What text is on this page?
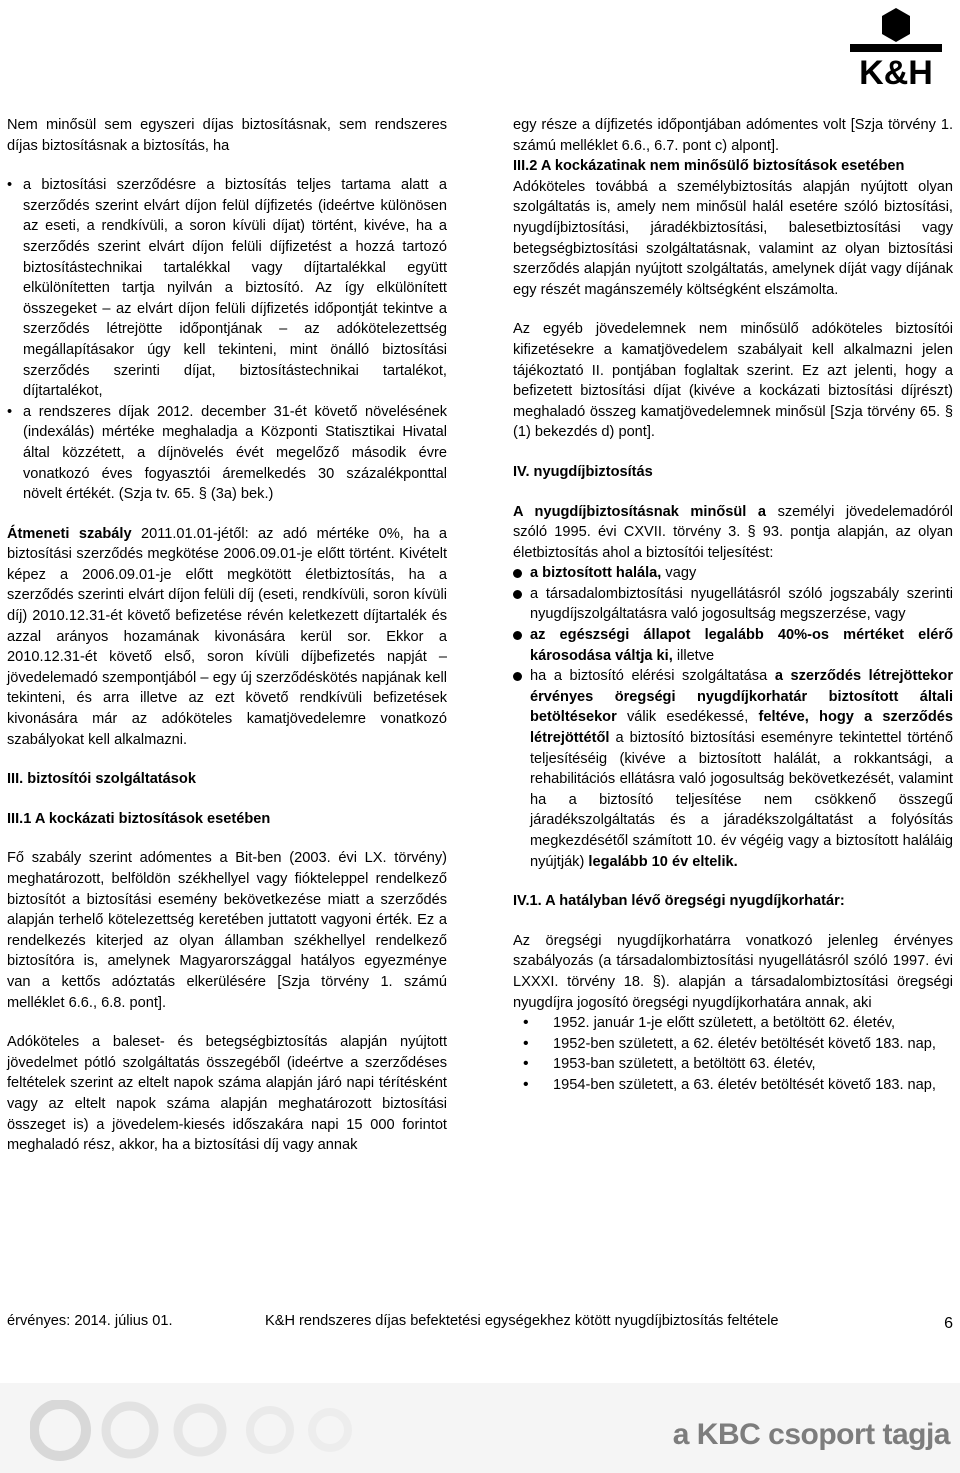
K&H

Nem minősül sem egyszeri díjas biztosításnak, sem rendszeres díjas biztosításnak a biztosítás, ha

• a biztosítási szerződésre a biztosítás teljes tartama alatt a szerződés szerint elvárt díjon felül díjfizetés (ideértve különösen az eseti, a rendkívüli, a soron kívüli díjat) történt, kivéve, ha a szerződés szerint elvárt díjon felüli díjfizetést a hozzá tartozó biztosítástechnikai tartalékkal vagy díjtartalékkal együtt elkülönítetten tartja nyilván a biztosító. Az így elkülönített összegeket – az elvárt díjon felüli díjfizetés időpontját tekintve a szerződés létrejötte időpontjának – az adókötelezettség megállapításakor úgy kell tekinteni, mint önálló biztosítási szerződés szerinti díjat, biztosítástechnikai tartalékot, díjtartalékot,
• a rendszeres díjak 2012. december 31-ét követő növelésének (indexálás) mértéke meghaladja a Központi Statisztikai Hivatal által közzétett, a díjnövelés évét megelőző második évre vonatkozó éves fogyasztói áremelkedés 30 százalékponttal növelt értékét. (Szja tv. 65. § (3a) bek.)

Átmeneti szabály 2011.01.01-jétől: az adó mértéke 0%, ha a biztosítási szerződés megkötése 2006.09.01-je előtt történt. Kivételt képez a 2006.09.01-je előtt megkötött életbiztosítás, ha a szerződés szerinti elvárt díjon felüli díj (eseti, rendkívüli, soron kívüli díj) 2010.12.31-ét követő befizetése révén keletkezett díjtartalék és azzal arányos hozamának kivonására kerül sor. Ekkor a 2010.12.31-ét követő első, soron kívüli díjbefizetés napját – jövedelemadó szempontjából – egy új szerződéskötés napjának kell tekinteni, és arra illetve az ezt követő rendkívüli befizetések kivonására már az adóköteles kamatjövedelemre vonatkozó szabályokat kell alkalmazni.

III. biztosítói szolgáltatások
III.1 A kockázati biztosítások esetében

Fő szabály szerint adómentes a Bit-ben (2003. évi LX. törvény) meghatározott, belföldön székhellyel vagy fiókteleppel rendelkező biztosítót a biztosítási esemény bekövetkezése miatt a szerződés alapján terhelő kötelezettség keretében juttatott vagyoni érték. Ez a rendelkezés kiterjed az olyan államban székhellyel rendelkező biztosítóra is, amelynek Magyarországgal hatályos egyezménye van a kettős adóztatás elkerülésére [Szja törvény 1. számú melléklet 6.6., 6.8. pont].

Adóköteles a baleset- és betegségbiztosítás alapján nyújtott jövedelmet pótló szolgáltatás összegéből (ideértve a szerződéses feltételek szerint az eltelt napok száma alapján járó napi térítésként vagy az eltelt napok száma alapján meghatározott biztosítási összeget is) a jövedelem-kiesés időszakára napi 15 000 forintot meghaladó rész, akkor, ha a biztosítási díj vagy annak

egy része a díjfizetés időpontjában adómentes volt [Szja törvény 1. számú melléklet 6.6., 6.7. pont c) alpont].

III.2 A kockázatinak nem minősülő biztosítások esetében

Adóköteles továbbá a személybiztosítás alapján nyújtott olyan szolgáltatás is, amely nem minősül halál esetére szóló biztosítási, nyugdíjbiztosítási, járadékbiztosítási, balesetbiztosítási vagy betegségbiztosítási szolgáltatásnak, valamint az olyan biztosítási szerződés alapján nyújtott szolgáltatás, amelynek díját vagy díjának egy részét magánszemély költségként elszámolta.

Az egyéb jövedelemnek nem minősülő adóköteles biztosítói kifizetésekre a kamatjövedelem szabályait kell alkalmazni jelen tájékoztató II. pontjában foglaltak szerint. Ez azt jelenti, hogy a befizetett biztosítási díjat (kivéve a kockázati biztosítási díjrészt) meghaladó összeg kamatjövedelemnek minősül [Szja törvény 65. § (1) bekezdés d) pont].

IV. nyugdíjbiztosítás

A nyugdíjbiztosításnak minősül a személyi jövedelemadóról szóló 1995. évi CXVII. törvény 3. § 93. pontja alapján, az olyan életbiztosítás ahol a biztosítói teljesítést:

a biztosított halála, vagy
a társadalombiztosítási nyugellátásról szóló jogszabály szerinti nyugdíjszolgáltatásra való jogosultság megszerzése, vagy
az egészségi állapot legalább 40%-os mértéket elérő károsodása váltja ki, illetve
ha a biztosító elérési szolgáltatása a szerződés létrejöttekor érvényes öregségi nyugdíjkorhatár biztosított általi betöltésekor válik esedékessé, feltéve, hogy a szerződés létrejöttétől a biztosító biztosítási eseményre tekintettel történő teljesítéséig (kivéve a biztosított halálát, a rokkantsági, a rehabilitációs ellátásra való jogosultság bekövetkezését, valamint ha a biztosító teljesítése nem csökkenő összegű járadékszolgáltatás és a járadékszolgáltatást a folyósítás megkezdésétől számított 10. év végéig vagy a biztosított haláláig nyújtják) legalább 10 év eltelik.
IV.1. A hatályban lévő öregségi nyugdíjkorhatár:

Az öregségi nyugdíjkorhatárra vonatkozó jelenleg érvényes szabályozás (a társadalombiztosítási nyugellátásról szóló 1997. évi LXXXI. törvény 18. §). alapján a társadalombiztosítási öregségi nyugdíjra jogosító öregségi nyugdíjkorhatára annak, aki

• 1952. január 1-je előtt született, a betöltött 62. életév,
• 1952-ben született, a 62. életév betöltését követő 183. nap,
• 1953-ban született, a betöltött 63. életév,
• 1954-ben született, a 63. életév betöltését követő 183. nap,
érvényes: 2014. július 01.	K&H rendszeres díjas befektetési egységekhez kötött nyugdíjbiztosítás feltétele	6
a KBC csoport tagja
